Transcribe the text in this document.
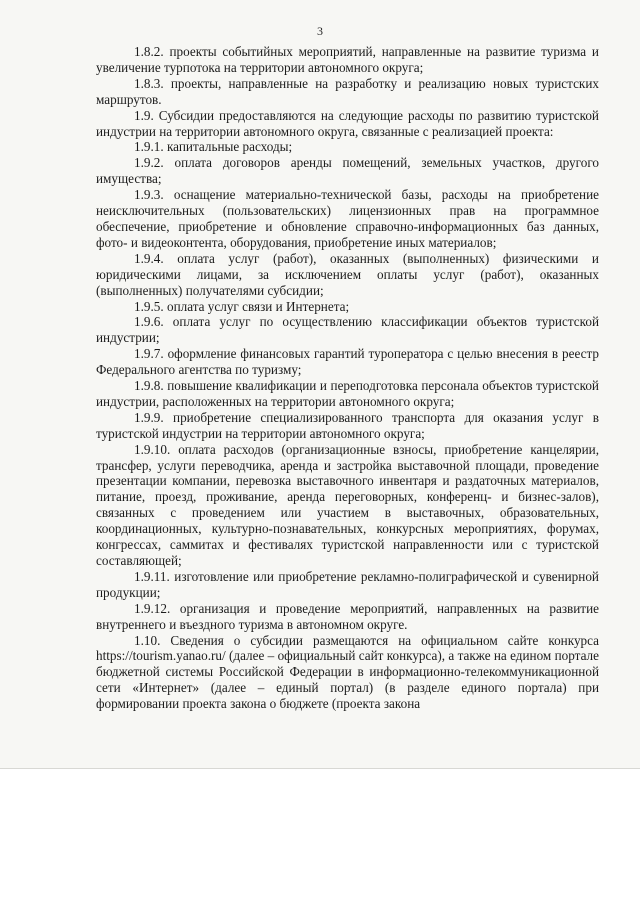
3

1.8.2. проекты событийных мероприятий, направленные на развитие туризма и увеличение турпотока на территории автономного округа;

1.8.3. проекты, направленные на разработку и реализацию новых туристских маршрутов.

1.9. Субсидии предоставляются на следующие расходы по развитию туристской индустрии на территории автономного округа, связанные с реализацией проекта:

1.9.1. капитальные расходы;

1.9.2. оплата договоров аренды помещений, земельных участков, другого имущества;

1.9.3. оснащение материально-технической базы, расходы на приобретение неисключительных (пользовательских) лицензионных прав на программное обеспечение, приобретение и обновление справочно-информационных баз данных, фото- и видеоконтента, оборудования, приобретение иных материалов;

1.9.4. оплата услуг (работ), оказанных (выполненных) физическими и юридическими лицами, за исключением оплаты услуг (работ), оказанных (выполненных) получателями субсидии;

1.9.5. оплата услуг связи и Интернета;

1.9.6. оплата услуг по осуществлению классификации объектов туристской индустрии;

1.9.7. оформление финансовых гарантий туроператора с целью внесения в реестр Федерального агентства по туризму;

1.9.8. повышение квалификации и переподготовка персонала объектов туристской индустрии, расположенных на территории автономного округа;

1.9.9. приобретение специализированного транспорта для оказания услуг в туристской индустрии на территории автономного округа;

1.9.10. оплата расходов (организационные взносы, приобретение канцелярии, трансфер, услуги переводчика, аренда и застройка выставочной площади, проведение презентации компании, перевозка выставочного инвентаря и раздаточных материалов, питание, проезд, проживание, аренда переговорных, конференц- и бизнес-залов), связанных с проведением или участием в выставочных, образовательных, координационных, культурно-познавательных, конкурсных мероприятиях, форумах, конгрессах, саммитах и фестивалях туристской направленности или с туристской составляющей;

1.9.11. изготовление или приобретение рекламно-полиграфической и сувенирной продукции;

1.9.12. организация и проведение мероприятий, направленных на развитие внутреннего и въездного туризма в автономном округе.

1.10. Сведения о субсидии размещаются на официальном сайте конкурса https://tourism.yanao.ru/ (далее – официальный сайт конкурса), а также на едином портале бюджетной системы Российской Федерации в информационно-телекоммуникационной сети «Интернет» (далее – единый портал) (в разделе единого портала) при формировании проекта закона о бюджете (проекта закона
